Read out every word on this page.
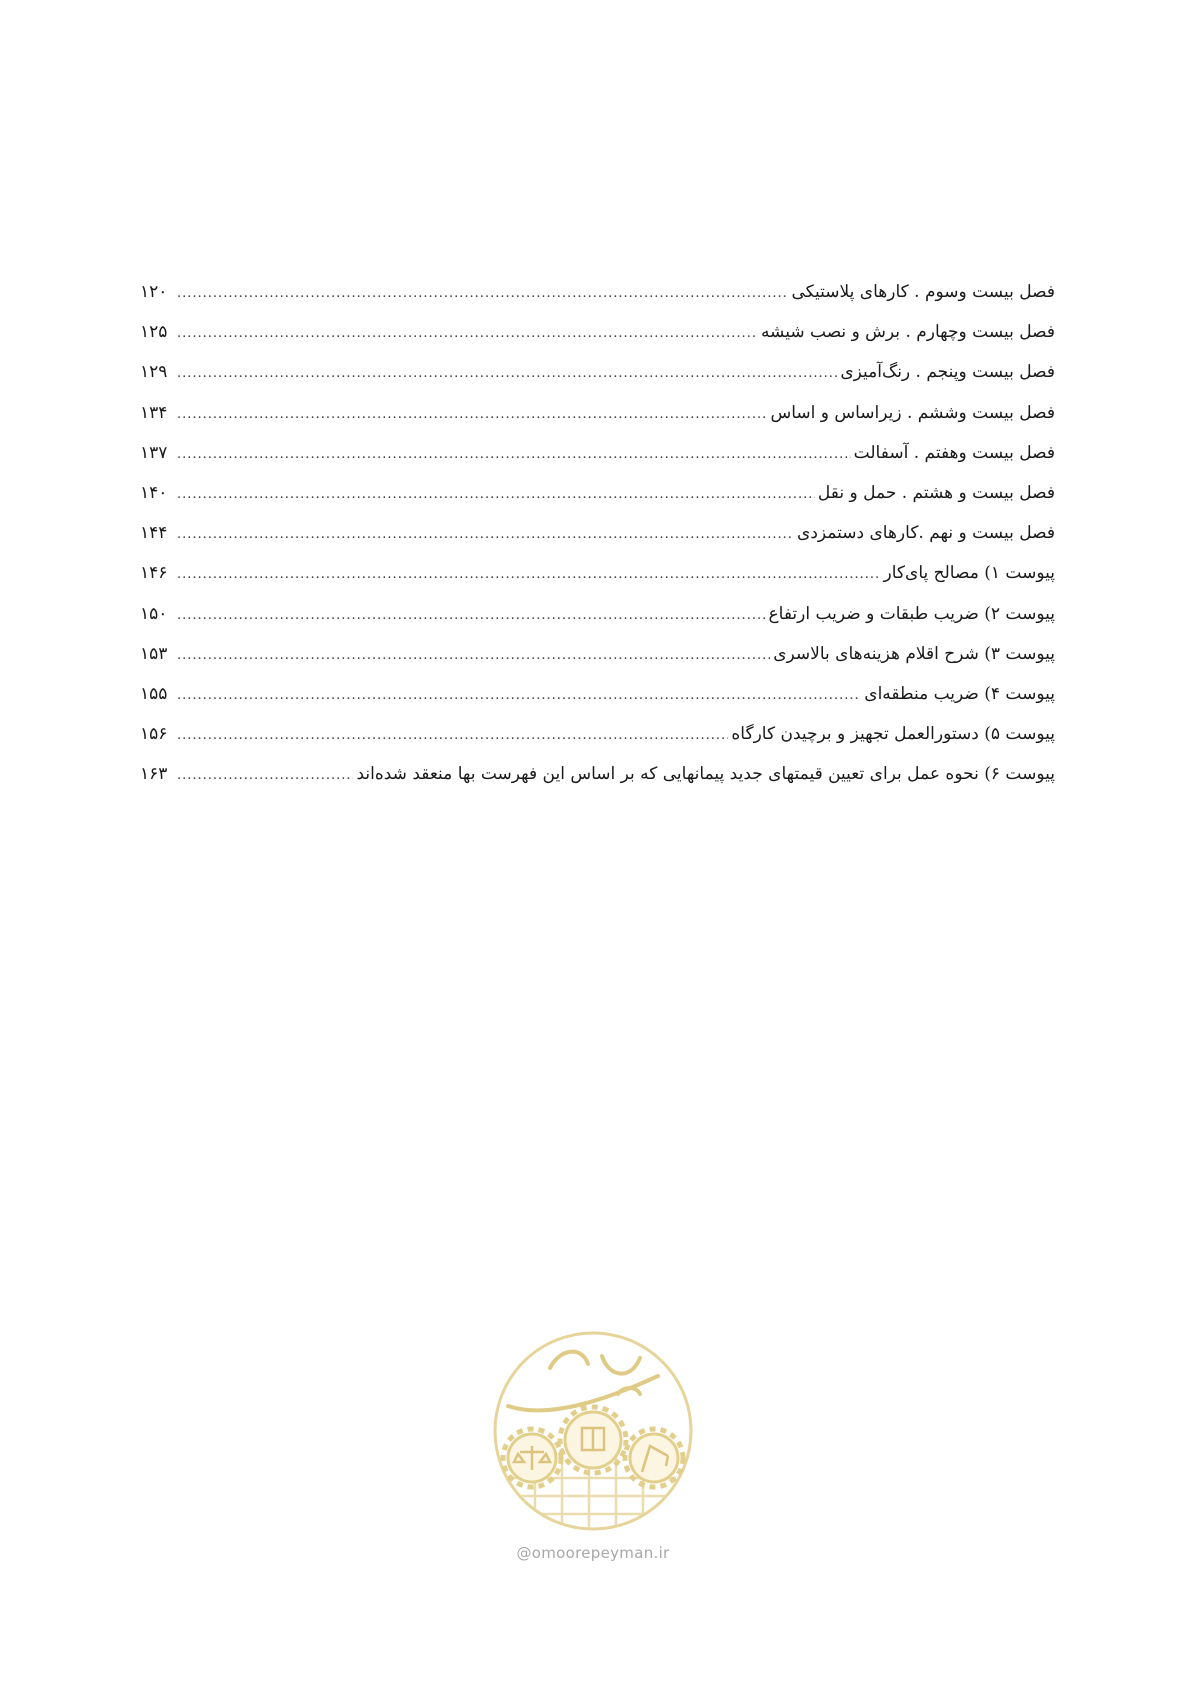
فصل بیست وسوم . کارهای پلاستیکی
.....
۱۲۰
فصل بیست وچهارم . برش و نصب شیشه
.....
۱۲۵
فصل بیست وپنجم . رنگ‌آمیزی
.....
۱۲۹
فصل بیست وششم . زیراساس و اساس
.....
۱۳۴
فصل بیست وهفتم . آسفالت
.....
۱۳۷
فصل بیست و هشتم . حمل و نقل
.....
۱۴۰
فصل بیست و نهم .کارهای دستمزدی
.....
۱۴۴
پیوست ۱) مصالح پای‌کار
.....
۱۴۶
پیوست ۲) ضریب طبقات و ضریب ارتفاع
.....
۱۵۰
پیوست ۳) شرح اقلام هزینه‌های بالاسری
.....
۱۵۳
پیوست ۴) ضریب منطقه‌ای
.....
۱۵۵
پیوست ۵) دستورالعمل تجهیز و برچیدن کارگاه
.....
۱۵۶
پیوست ۶) نحوه عمل برای تعیین قیمتهای جدید پیمانهایی که بر اساس این فهرست بها منعقد شده‌اند
.....
۱۶۳
@omoorepeyman.ir
